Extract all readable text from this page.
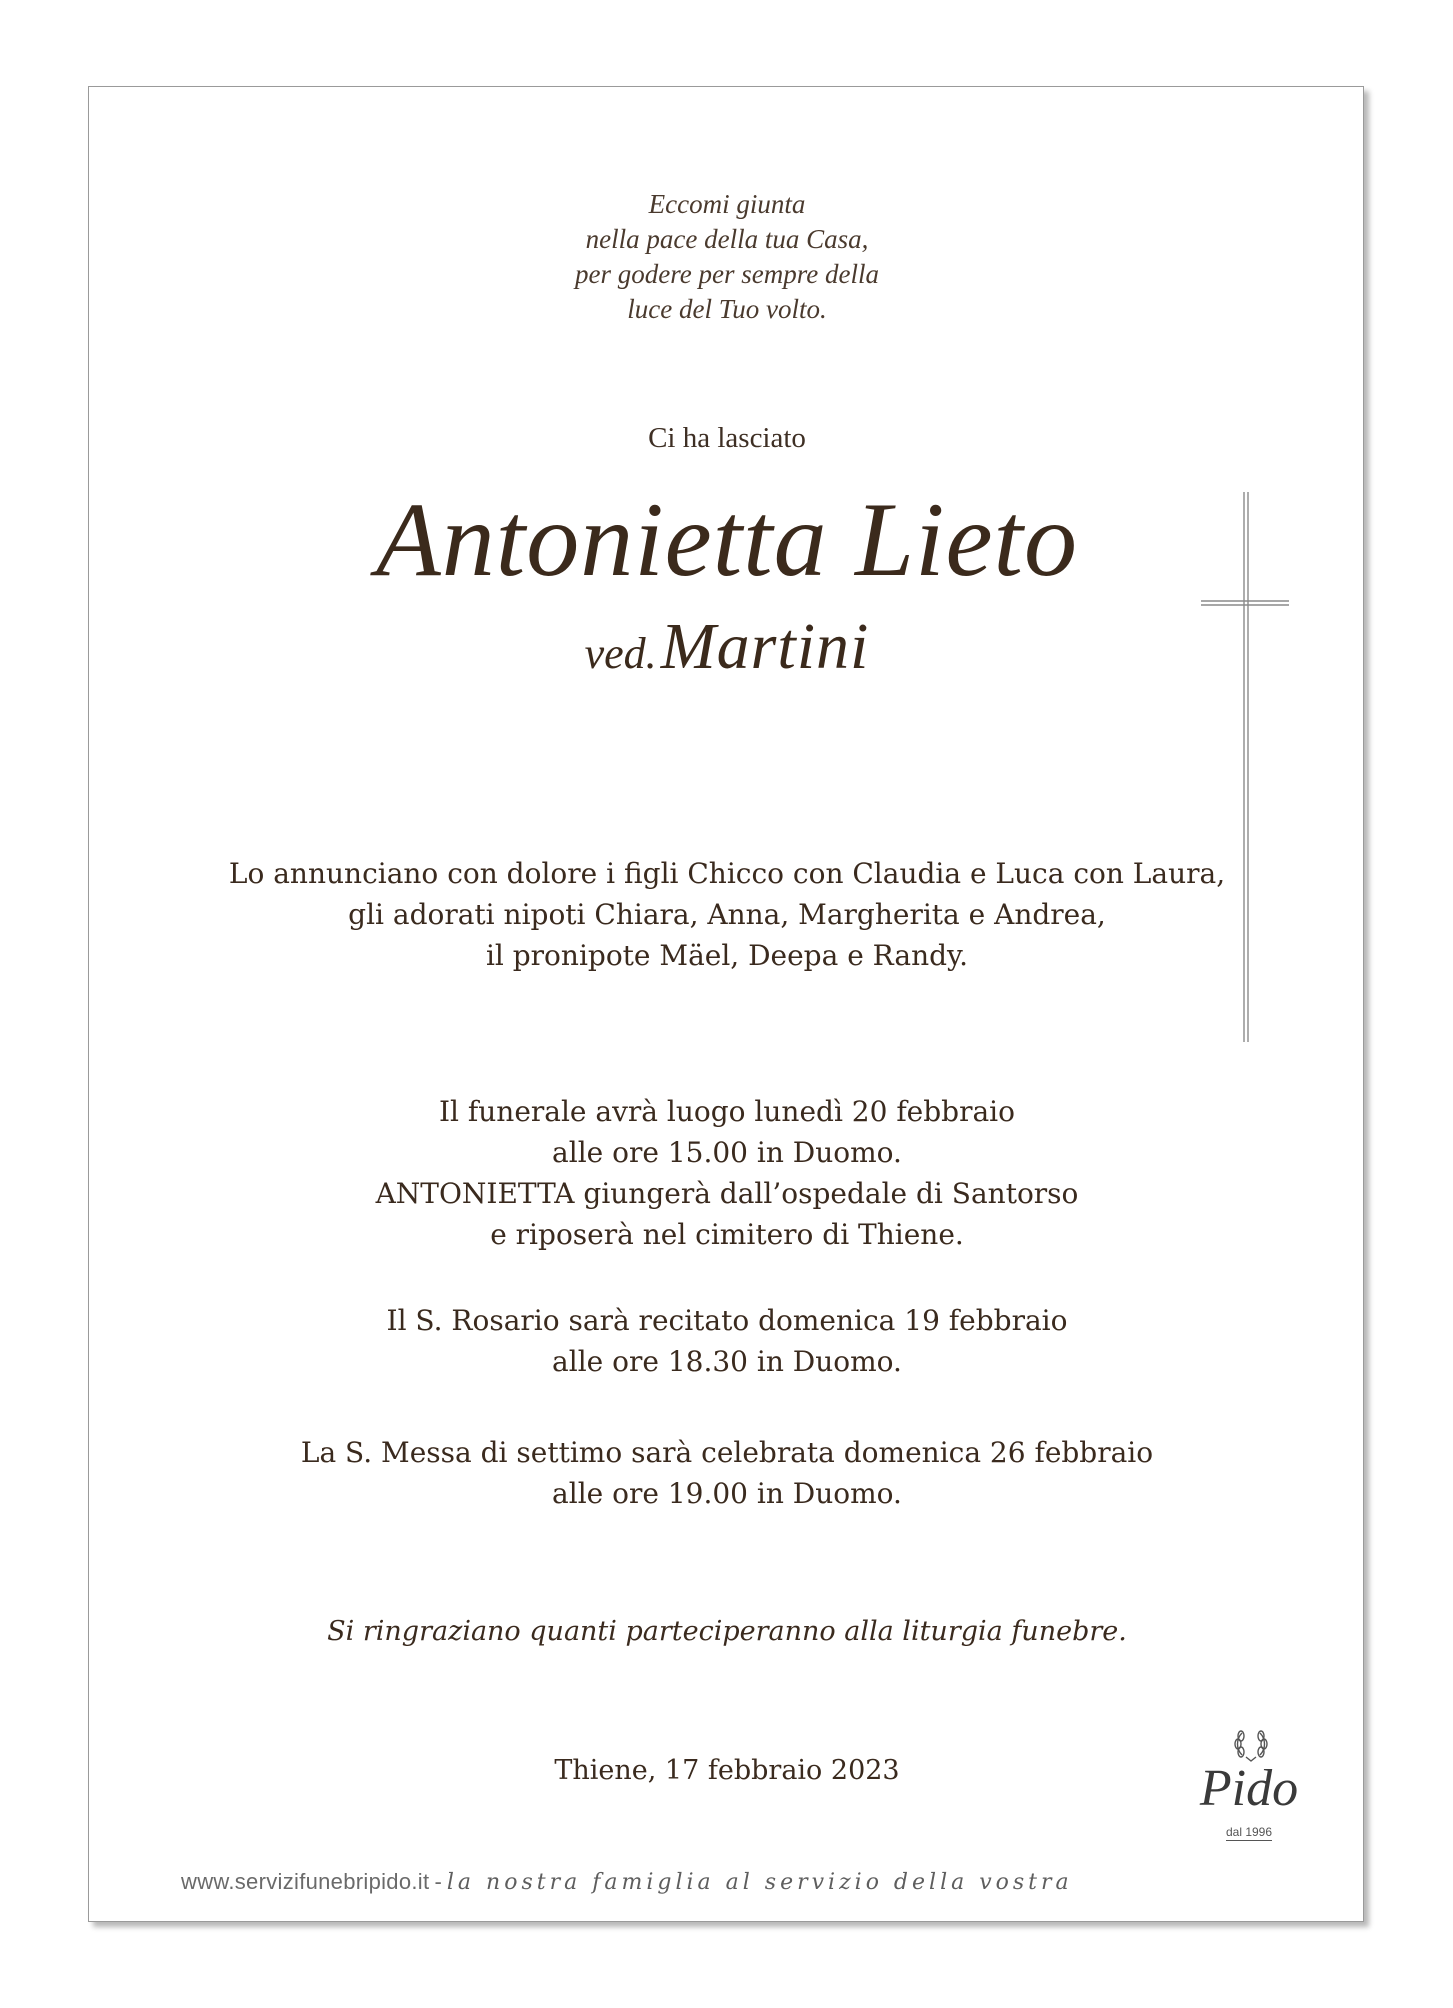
Eccomi giunta
nella pace della tua Casa,
per godere per sempre della
luce del Tuo volto.
Ci ha lasciato
Antonietta Lieto
ved. Martini
Lo annunciano con dolore i figli Chicco con Claudia e Luca con Laura,
gli adorati nipoti Chiara, Anna, Margherita e Andrea,
il pronipote Mäel, Deepa e Randy.
Il funerale avrà luogo lunedì 20 febbraio
alle ore 15.00 in Duomo.
ANTONIETTA giungerà dall’ospedale di Santorso
e riposerà nel cimitero di Thiene.
Il S. Rosario sarà recitato domenica 19 febbraio
alle ore 18.30 in Duomo.
La S. Messa di settimo sarà celebrata domenica 26 febbraio
alle ore 19.00 in Duomo.
Si ringraziano quanti parteciperanno alla liturgia funebre.
Thiene, 17 febbraio 2023	Pido
dal 1996
www.servizifunebripido.it - la nostra famiglia al servizio della vostra
